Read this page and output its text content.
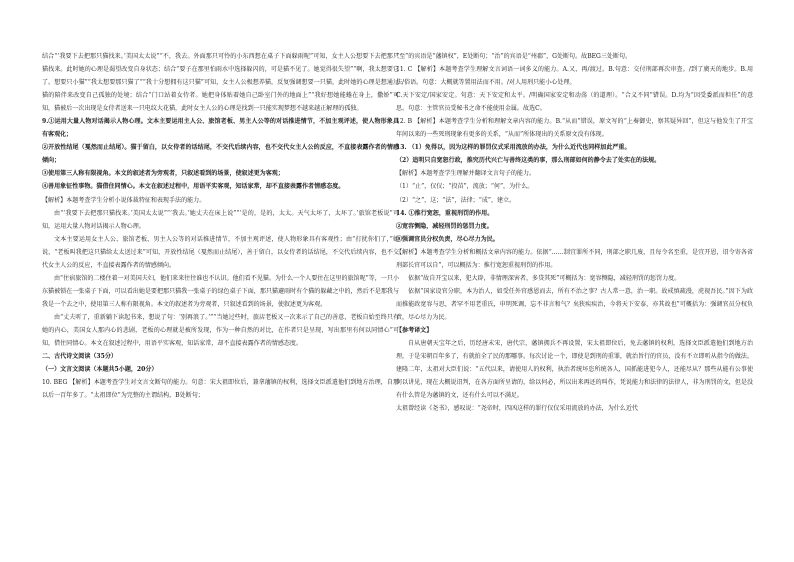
结合“‘我要下去把那只猫找来。’美国太太说”“不，我去。外面那只可怜的小东西想在桌子下面躲雨呢”可知，女主人公想要下去把那只猫找来。此时她的心理是渴望改变自身状态；结合“要子在那里怕雨水中选择躲闪的，可是猫不见了。她觉得很失望”“啊，我太想要它了。想要只小猫”“我太想要那只猫了”“我十分想拥有这只猫”可知，女主人公极想养猫，反复强调想要一只猫，此时她的心理是想通过猫的陪伴来改变自己孤独的处境；结合“门口站着女侍者。她把身体贴着她自己卧室门外的地面上”“我好想她能蜷在身上，撒娇”可知，猫被后一次出现是女侍者送来一只电纹大花猫，此时女主人公的心理是找到一只能实现梦想不越来越正解理的孤独。

9.①运用大量人物对话揭示人物心理。文本主要运用主人公、旅馆老板、男主人公等的对话推进情节，不加主观评述，使人物形象具有客观化；

②开放性结尾（戛然而止结尾）。猫于留白，以女侍者的话结尾，不交代后续内容，也不交代女主人公的反应，不直接表露作者的情感倾向；

③使用第三人称有限视角。本文的叙述者为旁观者，只叙述看到的场景，使叙述更为客观；

④善用象征性事物。猫借住同情心。本文在叙述过程中，用语平实客观，知话家常，却不直接表露作者情感态度。

【解析】本题考查学生分析小说体裁特征和表现手法的能力。

由“‘我要下去把那只猫找来。’美国太太说”“‘我去。’她丈夫在床上说”“‘是的，是的，太太。天气太坏了，太坏了。’旅馆老板说”可知，运用大量人物对话揭示人物心理。

文本主要运用女主人公、旅馆老板、男主人公等的对话推进情节，不加主观评述，使人物形象具有客观性；由“打扰你们了，”她说，“老板叫我把这只猫给太太送过来”可知，开放性结尾（戛然而止结尾），善于留白，以女侍者的话结尾，不交代后续内容，也不交代女主人公的反应，不直接表露作者的情感倾向。

由“住宿旅馆的二楼住着一对美国夫妇，他们来来往往谁也不认识。他们看不见猫。为什么一个人要住在这里的旅馆呢”等，一只小东猫被锁在一张桌子下面，可以看出她是要把那只猫我一张桌子的绿色桌子下面，那只猫避雨时有个猫的躲藏之中的，然后不是那我与我是一个去之中，使用第三人称有限视角。本文的叙述者为旁观者，只叙述看到的场景，使叙述更为客观。

由“丈夫听了，重新躺下读起书来，想说了句：‘别再浪了。’”“当她过些时，旅店老板又一次来示了自己的善意，老板自始至终只有她的内心，美国女人那内心的悲剧，老板的心理就是被所发现，作为一种自然的对比，在作者只是呈现，写出那里有何以同情心”可知，借住同情心。本文在叙述过程中，用语平实客观，知话家常，却不直接表露作者的情感态度。

二、古代诗文阅读（35分）

（一）文言文阅读（本题共5小题，20分）

10. BEG 【解析】本题考查学生对文言文断句的能力。句意：宋大祖即位后，兼拿藩镇的权利，选择文臣派遣他们到地方治理，自那以后一百年多了。“太祖即位”为完整的主谓结构，B处断句；

“至”的宾语是“藩镇权”，E处断句；“治”的宾语是“州郡”，G处断句。故BEG三处断句。

11. C 【解析】本题考查学生理解文言词语一词多义的能力。A.又、再/渡过。B.句意：交付刑部再次审查。/到了廣天的地步。B.用法/俗语。句意：大概就等置用法而不用。/对人用刑只能小心处理。

C.天下安定/国家安定。句意：天下安定和太平。/明确国家安定和动荡（的道理）。“合义不同”错误。D.均为“因受委派而担任”的意思。句意：主管官员受秘书之命不能使用金属。故选C。

12. B 【解析】本题考查学生分析和理解文章内容的能力。B.“从而”错误，原文写的“上奏御史，察其疑异回”，但这与他发生了开宝年间以来的一些死刑现象有更多的关系，“从而”所体现出的关系原文没有体现。

13. （1）免得以，因为这样的罪罚仪式采用流放的办法，为什么近代也同样加此严重。

（2）追明只自宽恕行政，推究历代兴亡与善终这类的事，那么刑部如何的静令去了处实在的法规。

【解析】本题考查学生理解并翻译文言句子的能力。

（1）“止”，仅仅；“投苗”，流放；“何”，为什么。

（2）“之”，这；“法”，法律；“成”，建立。

14. ①推行宽恕，重视刑罚的作用。

②宽容恻隐，减轻刑罚的惩罚力度。

③强调官员分权负责，尽心尽力为民。

【解析】本题考查学生分析和概括文章内容的能力。依据“……制宜罪所不同，刑部之职几废，且每令名至重，是宜开恩，诏令寄各省刑部长官可以自”，可以概括为：推行宽恕重视刑罚的作用。

依据“故自开宝以来，犯大辟，非情理深害者，多贷其死”可概括为：宽容恻隐，减轻刑罚的惩罚力度。

依据“国家设官分职，本为治人，如受任外官感恩而去，所有不治之事？古人常一意，治一职。故戒慎疏漫，虎视吾民。”因下为政而推能政宽容与思，者罕不用老重氏，申明死调，忘不非言和气？矣狭疾疾治，今将天下安泰，亦其故也”可概括为：强调官员分权负责，尽心尽力为民。

【参考译文】

自从唐朝天宝年之后，历经唐末宋，唐代宗，藩镇拥兵不再设置，宋太祖即位后，免去藩镇的权利，选择文臣派遣他们到地方治理，于是宋朝百年多了，有就拍全了民的那哪事。每次讨论一个，即使是到刑的重罪，就治旨行的官员，没有不立即听从指令的做法。建隆二年，太祖对大臣们说：“五代以来，请使用人的权利，执治者统坏恣所统各人，国抓能进犯今人，还能尽从？那些从能有公事使何以讲见，现在大概说诏判，在各方面所呈请的，给以何必，所以出来再还的叫作，凭说能力和法律的法律人，非为刑罚的文，但是没有什么管是为藩镇的文，还有什么可以不满足。

太祖曾经读《尧书》，感叹说：“尧帝时，四凶这样的罪行仅仅采用流放的办法，为什么近代
